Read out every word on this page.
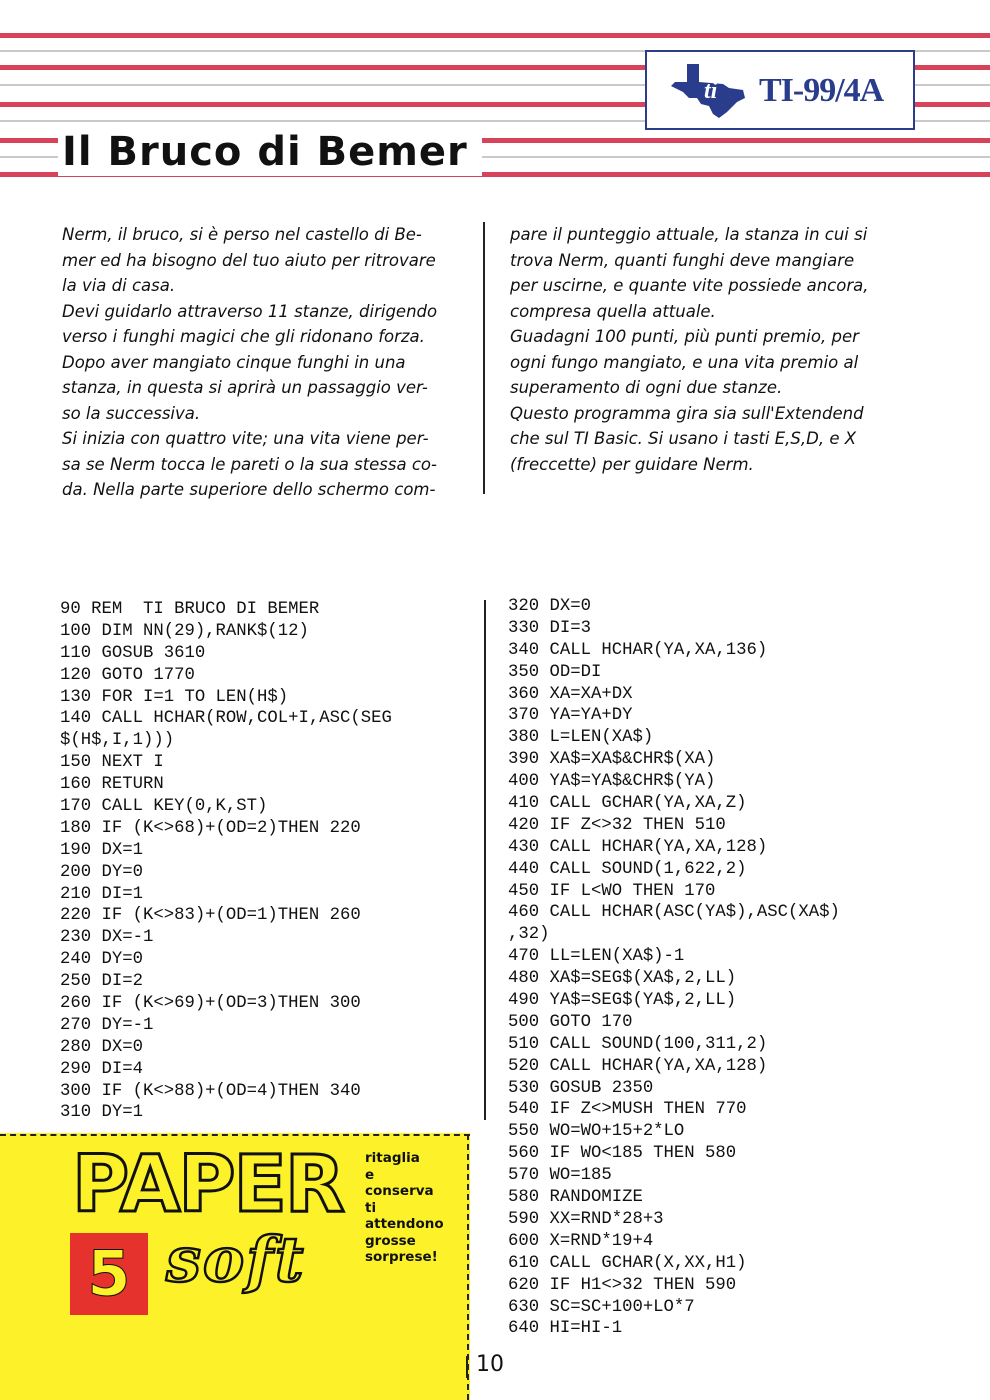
Il Bruco di Bemer
ti TI-99/4A
Nerm, il bruco, si è perso nel castello di Be-
mer ed ha bisogno del tuo aiuto per ritrovare
la via di casa.
Devi guidarlo attraverso 11 stanze, dirigendo
verso i funghi magici che gli ridonano forza.
Dopo aver mangiato cinque funghi in una
stanza, in questa si aprirà un passaggio ver-
so la successiva.
Si inizia con quattro vite; una vita viene per-
sa se Nerm tocca le pareti o la sua stessa co-
da. Nella parte superiore dello schermo com-
pare il punteggio attuale, la stanza in cui si
trova Nerm, quanti funghi deve mangiare
per uscirne, e quante vite possiede ancora,
compresa quella attuale.
Guadagni 100 punti, più punti premio, per
ogni fungo mangiato, e una vita premio al
superamento di ogni due stanze.
Questo programma gira sia sull'Extendend
che sul TI Basic. Si usano i tasti E,S,D, e X
(freccette) per guidare Nerm.
90 REM  TI BRUCO DI BEMER
100 DIM NN(29),RANK$(12)
110 GOSUB 3610
120 GOTO 1770
130 FOR I=1 TO LEN(H$)
140 CALL HCHAR(ROW,COL+I,ASC(SEG
$(H$,I,1)))
150 NEXT I
160 RETURN
170 CALL KEY(0,K,ST)
180 IF (K<>68)+(OD=2)THEN 220
190 DX=1
200 DY=0
210 DI=1
220 IF (K<>83)+(OD=1)THEN 260
230 DX=-1
240 DY=0
250 DI=2
260 IF (K<>69)+(OD=3)THEN 300
270 DY=-1
280 DX=0
290 DI=4
300 IF (K<>88)+(OD=4)THEN 340
310 DY=1
320 DX=0
330 DI=3
340 CALL HCHAR(YA,XA,136)
350 OD=DI
360 XA=XA+DX
370 YA=YA+DY
380 L=LEN(XA$)
390 XA$=XA$&CHR$(XA)
400 YA$=YA$&CHR$(YA)
410 CALL GCHAR(YA,XA,Z)
420 IF Z<>32 THEN 510
430 CALL HCHAR(YA,XA,128)
440 CALL SOUND(1,622,2)
450 IF L<WO THEN 170
460 CALL HCHAR(ASC(YA$),ASC(XA$)
,32)
470 LL=LEN(XA$)-1
480 XA$=SEG$(XA$,2,LL)
490 YA$=SEG$(YA$,2,LL)
500 GOTO 170
510 CALL SOUND(100,311,2)
520 CALL HCHAR(YA,XA,128)
530 GOSUB 2350
540 IF Z<>MUSH THEN 770
550 WO=WO+15+2*LO
560 IF WO<185 THEN 580
570 WO=185
580 RANDOMIZE
590 XX=RND*28+3
600 X=RND*19+4
610 CALL GCHAR(X,XX,H1)
620 IF H1<>32 THEN 590
630 SC=SC+100+LO*7
640 HI=HI-1
PAPER
5 soft
ritaglia
e
conserva
ti
attendono
grosse
sorprese!
10
